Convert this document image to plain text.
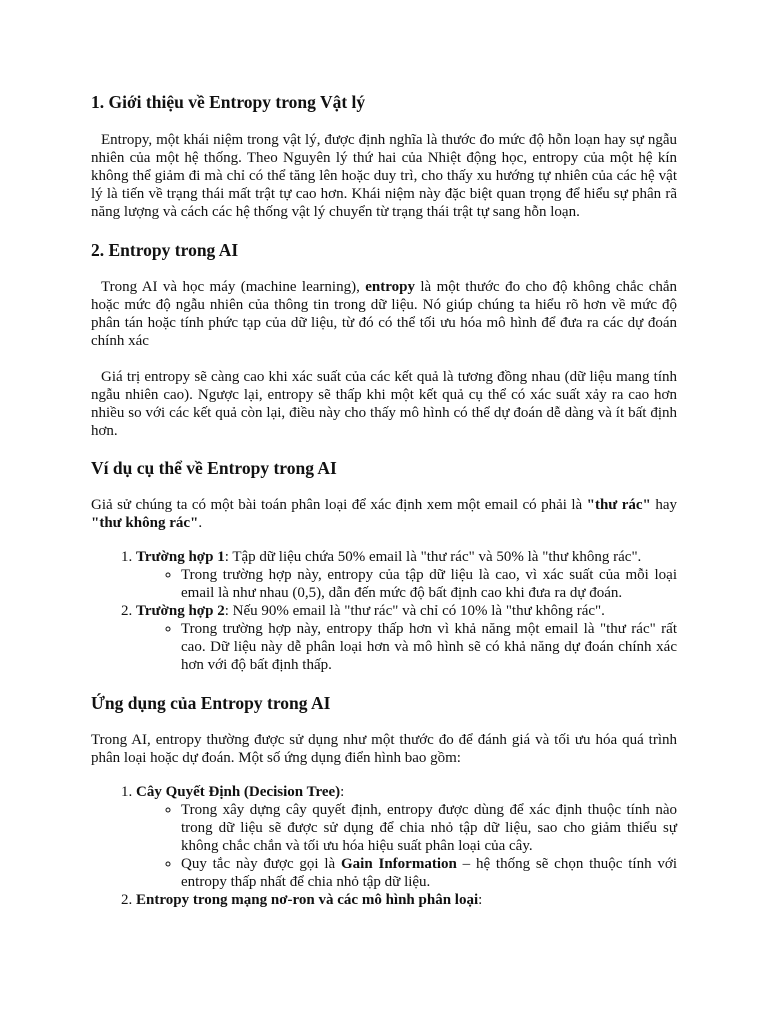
1. Giới thiệu về Entropy trong Vật lý

Entropy, một khái niệm trong vật lý, được định nghĩa là thước đo mức độ hỗn loạn hay sự ngẫu nhiên của một hệ thống. Theo Nguyên lý thứ hai của Nhiệt động học, entropy của một hệ kín không thể giảm đi mà chỉ có thể tăng lên hoặc duy trì, cho thấy xu hướng tự nhiên của các hệ vật lý là tiến về trạng thái mất trật tự cao hơn. Khái niệm này đặc biệt quan trọng để hiểu sự phân rã năng lượng và cách các hệ thống vật lý chuyển từ trạng thái trật tự sang hỗn loạn.

2. Entropy trong AI

Trong AI và học máy (machine learning), entropy là một thước đo cho độ không chắc chắn hoặc mức độ ngẫu nhiên của thông tin trong dữ liệu. Nó giúp chúng ta hiểu rõ hơn về mức độ phân tán hoặc tính phức tạp của dữ liệu, từ đó có thể tối ưu hóa mô hình để đưa ra các dự đoán chính xác

Giá trị entropy sẽ càng cao khi xác suất của các kết quả là tương đồng nhau (dữ liệu mang tính ngẫu nhiên cao). Ngược lại, entropy sẽ thấp khi một kết quả cụ thể có xác suất xảy ra cao hơn nhiều so với các kết quả còn lại, điều này cho thấy mô hình có thể dự đoán dễ dàng và ít bất định hơn.

Ví dụ cụ thể về Entropy trong AI

Giả sử chúng ta có một bài toán phân loại để xác định xem một email có phải là "thư rác" hay "thư không rác".

1. Trường hợp 1: Tập dữ liệu chứa 50% email là "thư rác" và 50% là "thư không rác".
◦ Trong trường hợp này, entropy của tập dữ liệu là cao, vì xác suất của mỗi loại email là như nhau (0,5), dẫn đến mức độ bất định cao khi đưa ra dự đoán.
2. Trường hợp 2: Nếu 90% email là "thư rác" và chỉ có 10% là "thư không rác".
◦ Trong trường hợp này, entropy thấp hơn vì khả năng một email là "thư rác" rất cao. Dữ liệu này dễ phân loại hơn và mô hình sẽ có khả năng dự đoán chính xác hơn với độ bất định thấp.
Ứng dụng của Entropy trong AI

Trong AI, entropy thường được sử dụng như một thước đo để đánh giá và tối ưu hóa quá trình phân loại hoặc dự đoán. Một số ứng dụng điển hình bao gồm:

1. Cây Quyết Định (Decision Tree):
◦ Trong xây dựng cây quyết định, entropy được dùng để xác định thuộc tính nào trong dữ liệu sẽ được sử dụng để chia nhỏ tập dữ liệu, sao cho giảm thiểu sự không chắc chắn và tối ưu hóa hiệu suất phân loại của cây.
◦ Quy tắc này được gọi là Gain Information – hệ thống sẽ chọn thuộc tính với entropy thấp nhất để chia nhỏ tập dữ liệu.
2. Entropy trong mạng nơ-ron và các mô hình phân loại:
